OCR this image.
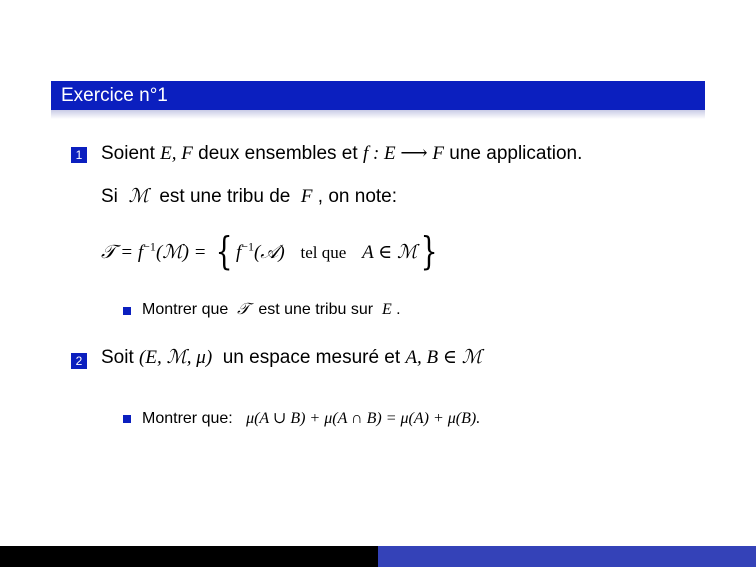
Exercice n°1
1 Soient E, F deux ensembles et f : E ⟶ F une application.
Si ℳ est une tribu de F , on note:
𝒯 = $f^{-1}(ℳ)$ = { $f^{-1}(𝒜)$ tel que A ∈ ℳ}
Montrer que 𝒯 est une tribu sur E .
2 Soit (E, ℳ, μ) un espace mesuré et A, B ∈ ℳ
Montrer que: μ(A ∪ B) + μ(A ∩ B) = μ(A) + μ(B).
